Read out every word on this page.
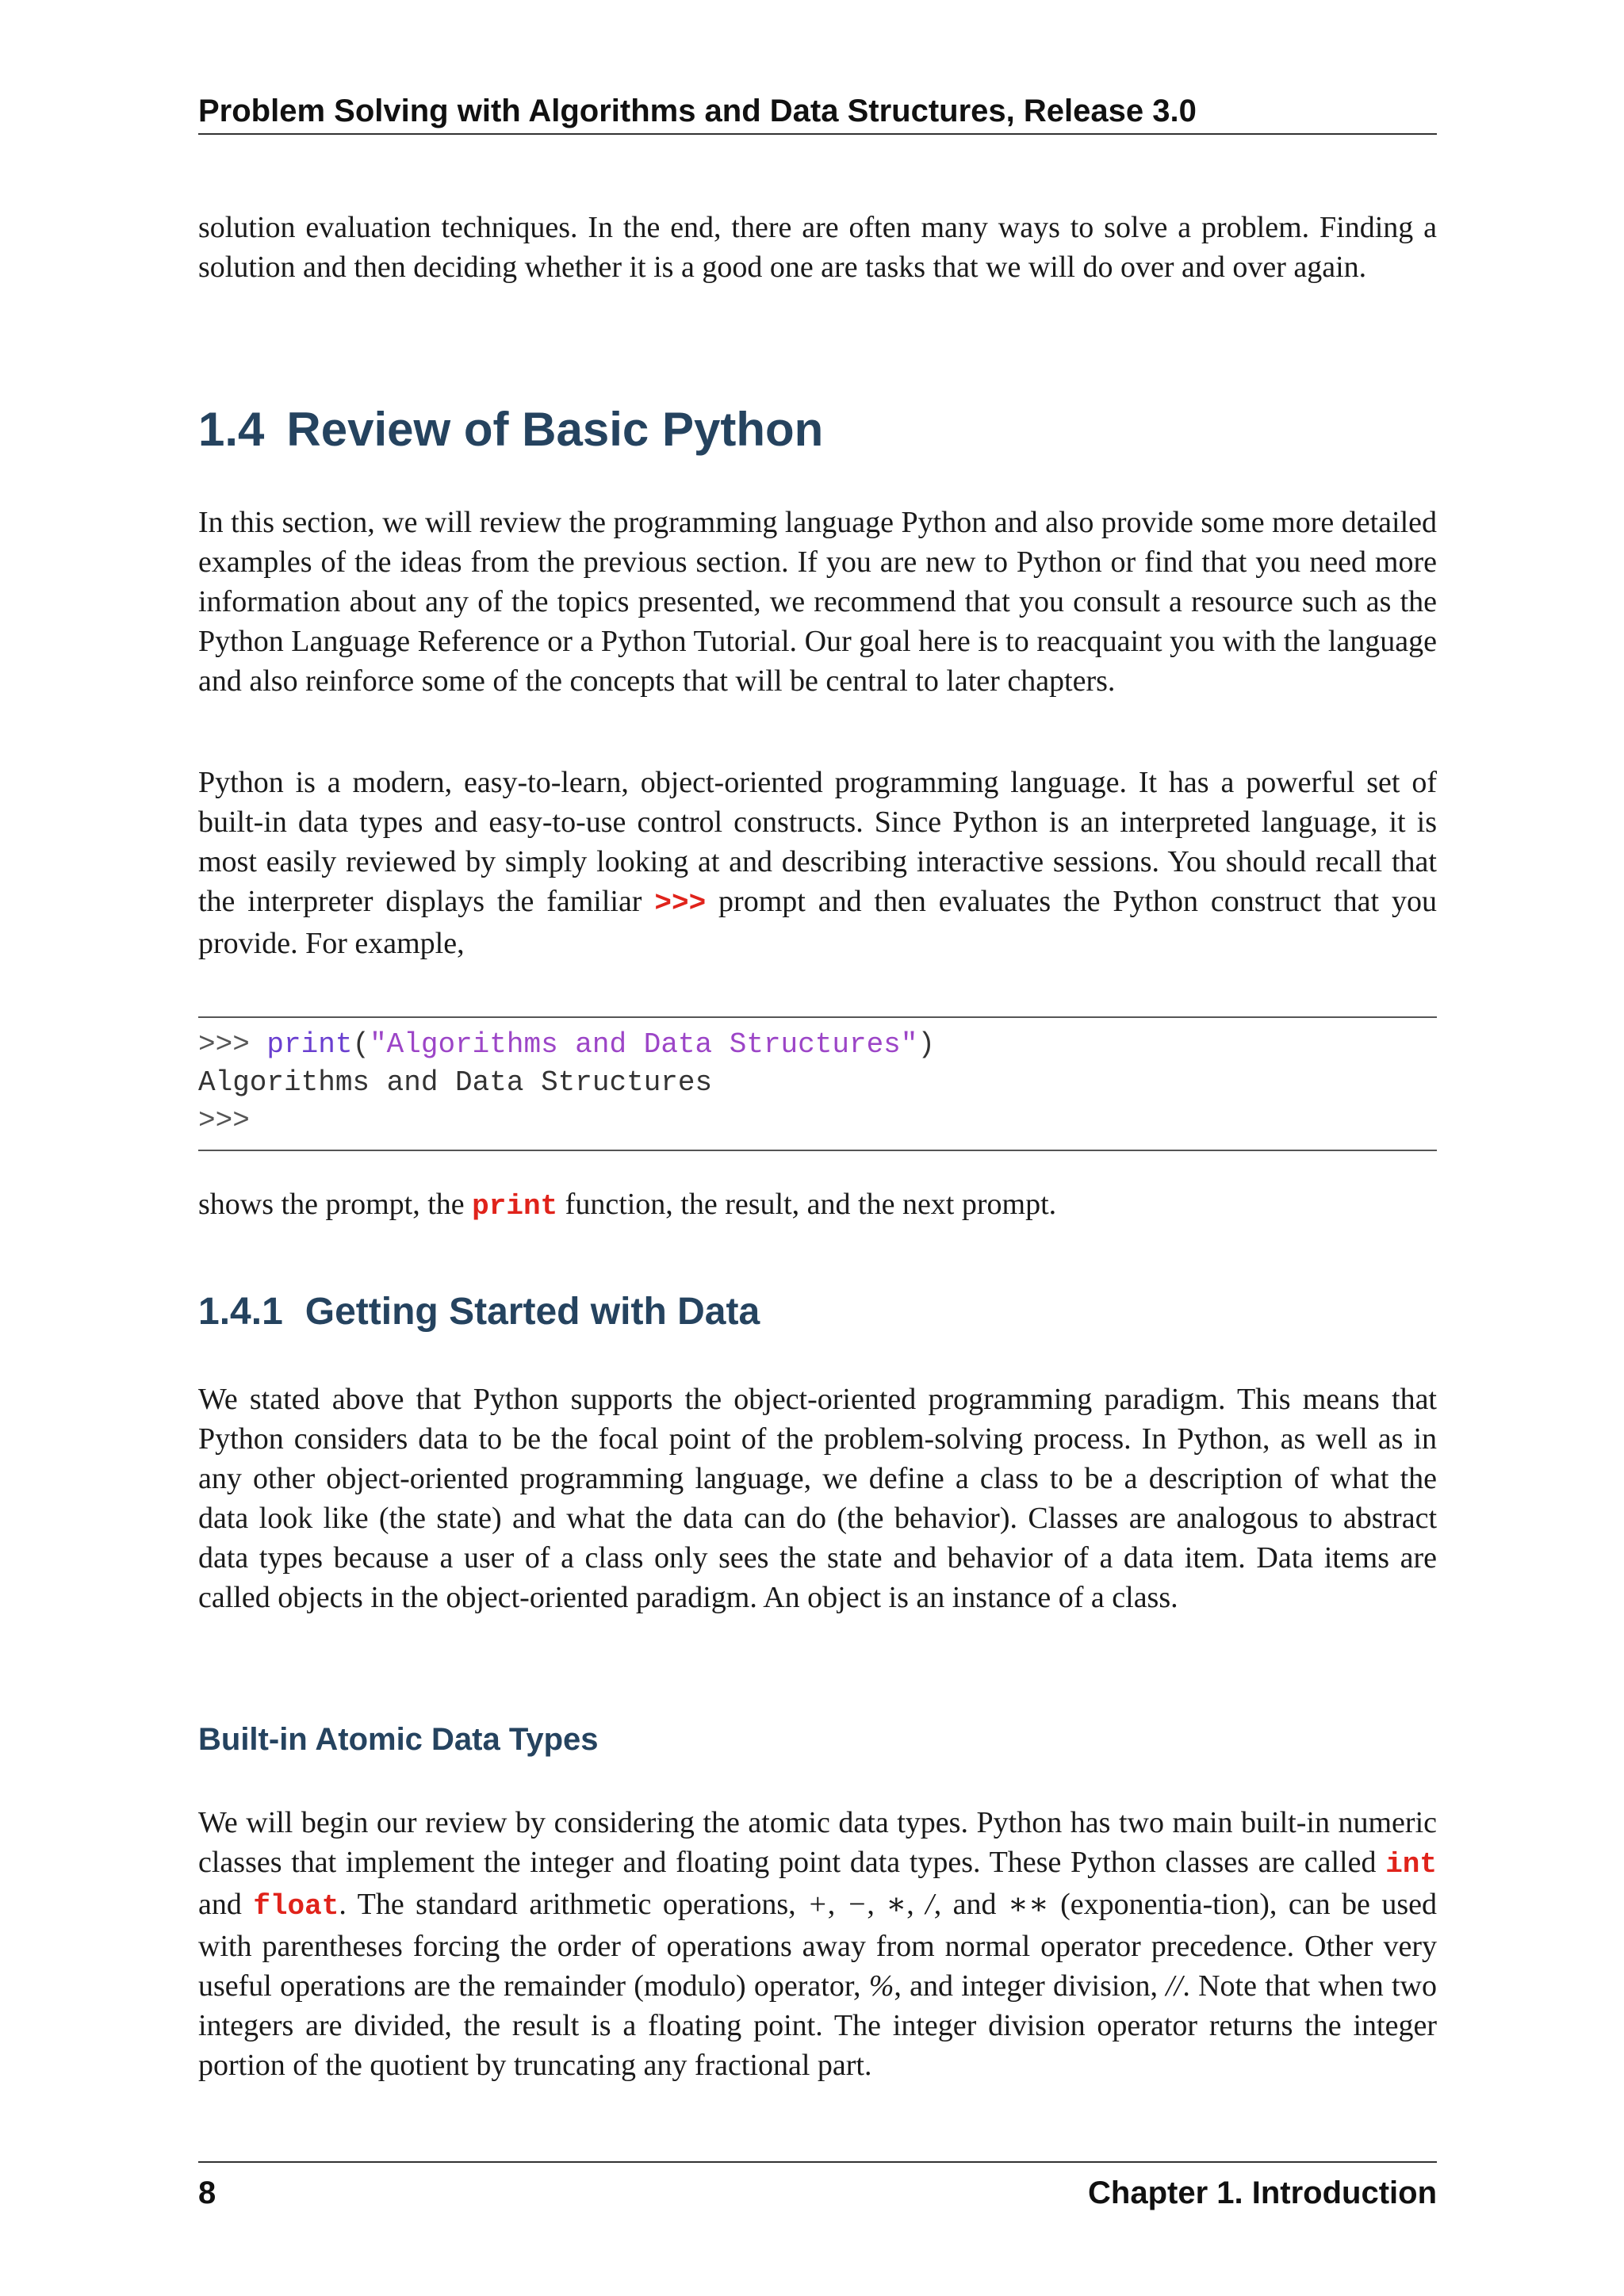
Problem Solving with Algorithms and Data Structures, Release 3.0

solution evaluation techniques. In the end, there are often many ways to solve a problem. Finding a solution and then deciding whether it is a good one are tasks that we will do over and over again.

1.4 Review of Basic Python

In this section, we will review the programming language Python and also provide some more detailed examples of the ideas from the previous section. If you are new to Python or find that you need more information about any of the topics presented, we recommend that you consult a resource such as the Python Language Reference or a Python Tutorial. Our goal here is to reacquaint you with the language and also reinforce some of the concepts that will be central to later chapters.

Python is a modern, easy-to-learn, object-oriented programming language. It has a powerful set of built-in data types and easy-to-use control constructs. Since Python is an interpreted language, it is most easily reviewed by simply looking at and describing interactive sessions. You should recall that the interpreter displays the familiar >>> prompt and then evaluates the Python construct that you provide. For example,

>>> print("Algorithms and Data Structures")
Algorithms and Data Structures
>>>

shows the prompt, the print function, the result, and the next prompt.

1.4.1 Getting Started with Data

We stated above that Python supports the object-oriented programming paradigm. This means that Python considers data to be the focal point of the problem-solving process. In Python, as well as in any other object-oriented programming language, we define a class to be a description of what the data look like (the state) and what the data can do (the behavior). Classes are analogous to abstract data types because a user of a class only sees the state and behavior of a data item. Data items are called objects in the object-oriented paradigm. An object is an instance of a class.

Built-in Atomic Data Types

We will begin our review by considering the atomic data types. Python has two main built-in numeric classes that implement the integer and floating point data types. These Python classes are called int and float. The standard arithmetic operations, +, −, ∗, /, and ∗∗ (exponentia-tion), can be used with parentheses forcing the order of operations away from normal operator precedence. Other very useful operations are the remainder (modulo) operator, %, and integer division, //. Note that when two integers are divided, the result is a floating point. The integer division operator returns the integer portion of the quotient by truncating any fractional part.

8	Chapter 1. Introduction
